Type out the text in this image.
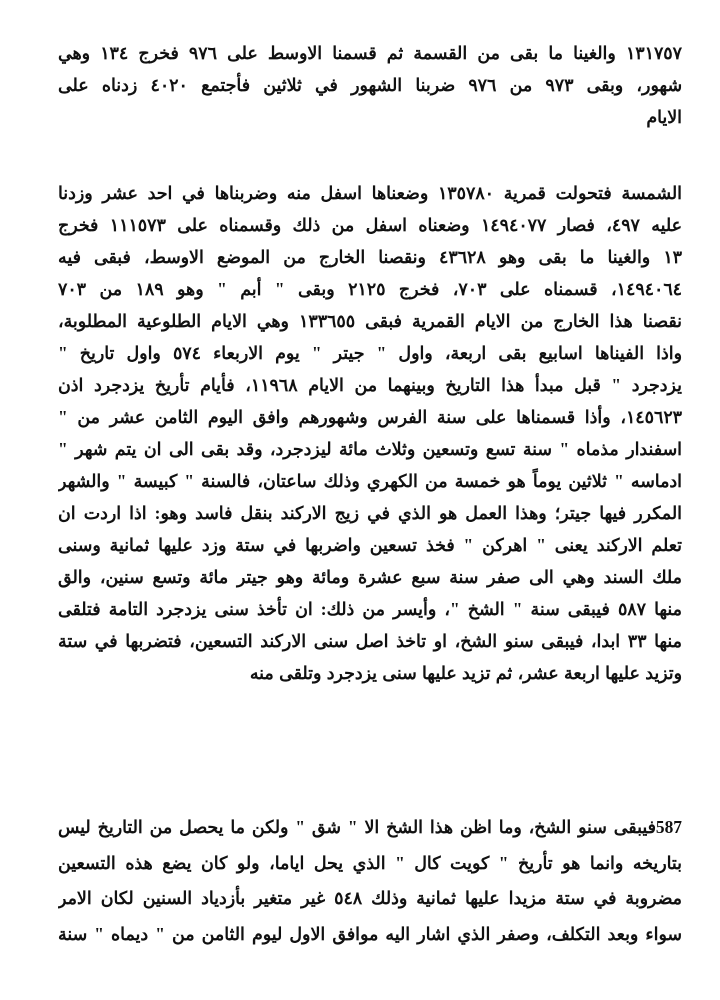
١٣١٧٥٧ والغينا ما بقى من القسمة ثم قسمنا الاوسط على ٩٧٦ فخرج ١٣٤ وهي
شهور، وبقى ٩٧٣ من ٩٧٦ ضربنا الشهور في ثلاثين فأجتمع ٤٠٢٠ زدناه على
الايام
الشمسة فتحولت قمرية ١٣٥٧٨٠ وضعناها اسفل منه وضربناها في احد عشر وزدنا
عليه ٤٩٧، فصار ١٤٩٤٠٧٧ وضعناه اسفل من ذلك وقسمناه على ١١١٥٧٣ فخرج
١٣ والغينا ما بقى وهو ٤٣٦٢٨ ونقصنا الخارج من الموضع الاوسط، فبقى فيه
١٤٩٤٠٦٤، قسمناه على ٧٠٣، فخرج ٢١٢٥ وبقى " أبم " وهو ١٨٩ من ٧٠٣
نقصنا هذا الخارج من الايام القمرية فبقى ١٣٣٦٥٥ وهي الايام الطلوعية المطلوبة،
واذا الفيناها اسابيع بقى اربعة، واول " جيتر " يوم الاربعاء ٥٧٤ واول تاريخ "
يزدجرد " قبل مبدأ هذا التاريخ وبينهما من الايام ١١٩٦٨، فأيام تأريخ يزدجرد اذن
١٤٥٦٢٣، وأذا قسمناها على سنة الفرس وشهورهم وافق اليوم الثامن عشر من "
اسفندار مذماه " سنة تسع وتسعين وثلاث مائة ليزدجرد، وقد بقى الى ان يتم شهر "
ادماسه " ثلاثين يوماً هو خمسة من الكهري وذلك ساعتان، فالسنة " كبيسة " والشهر
المكرر فيها جيتر؛ وهذا العمل هو الذي في زيج الاركند بنقل فاسد وهو: اذا اردت ان
تعلم الاركند يعنى " اهركن " فخذ تسعين واضربها في ستة وزد عليها ثمانية وسنى
ملك السند وهي الى صفر سنة سبع عشرة ومائة وهو جيتر مائة وتسع سنين، والق
منها ٥٨٧ فيبقى سنة " الشخ "، وأيسر من ذلك: ان تأخذ سنى يزدجرد التامة فتلقى
منها ٣٣ ابدا، فيبقى سنو الشخ، او تاخذ اصل سنى الاركند التسعين، فتضربها في ستة
وتزيد عليها اربعة عشر، ثم تزيد عليها سنى يزدجرد وتلقى منه
587فيبقى سنو الشخ، وما اظن هذا الشخ الا " شق " ولكن ما يحصل من التاريخ ليس
بتاريخه وانما هو تأريخ " كويت كال " الذي يحل اياما، ولو كان يضع هذه التسعين
مضروبة في ستة مزيدا عليها ثمانية وذلك ٥٤٨ غير متغير بأزدياد السنين لكان الامر
سواء وبعد التكلف، وصفر الذي اشار اليه موافق الاول ليوم الثامن من " ديماه " سنة
